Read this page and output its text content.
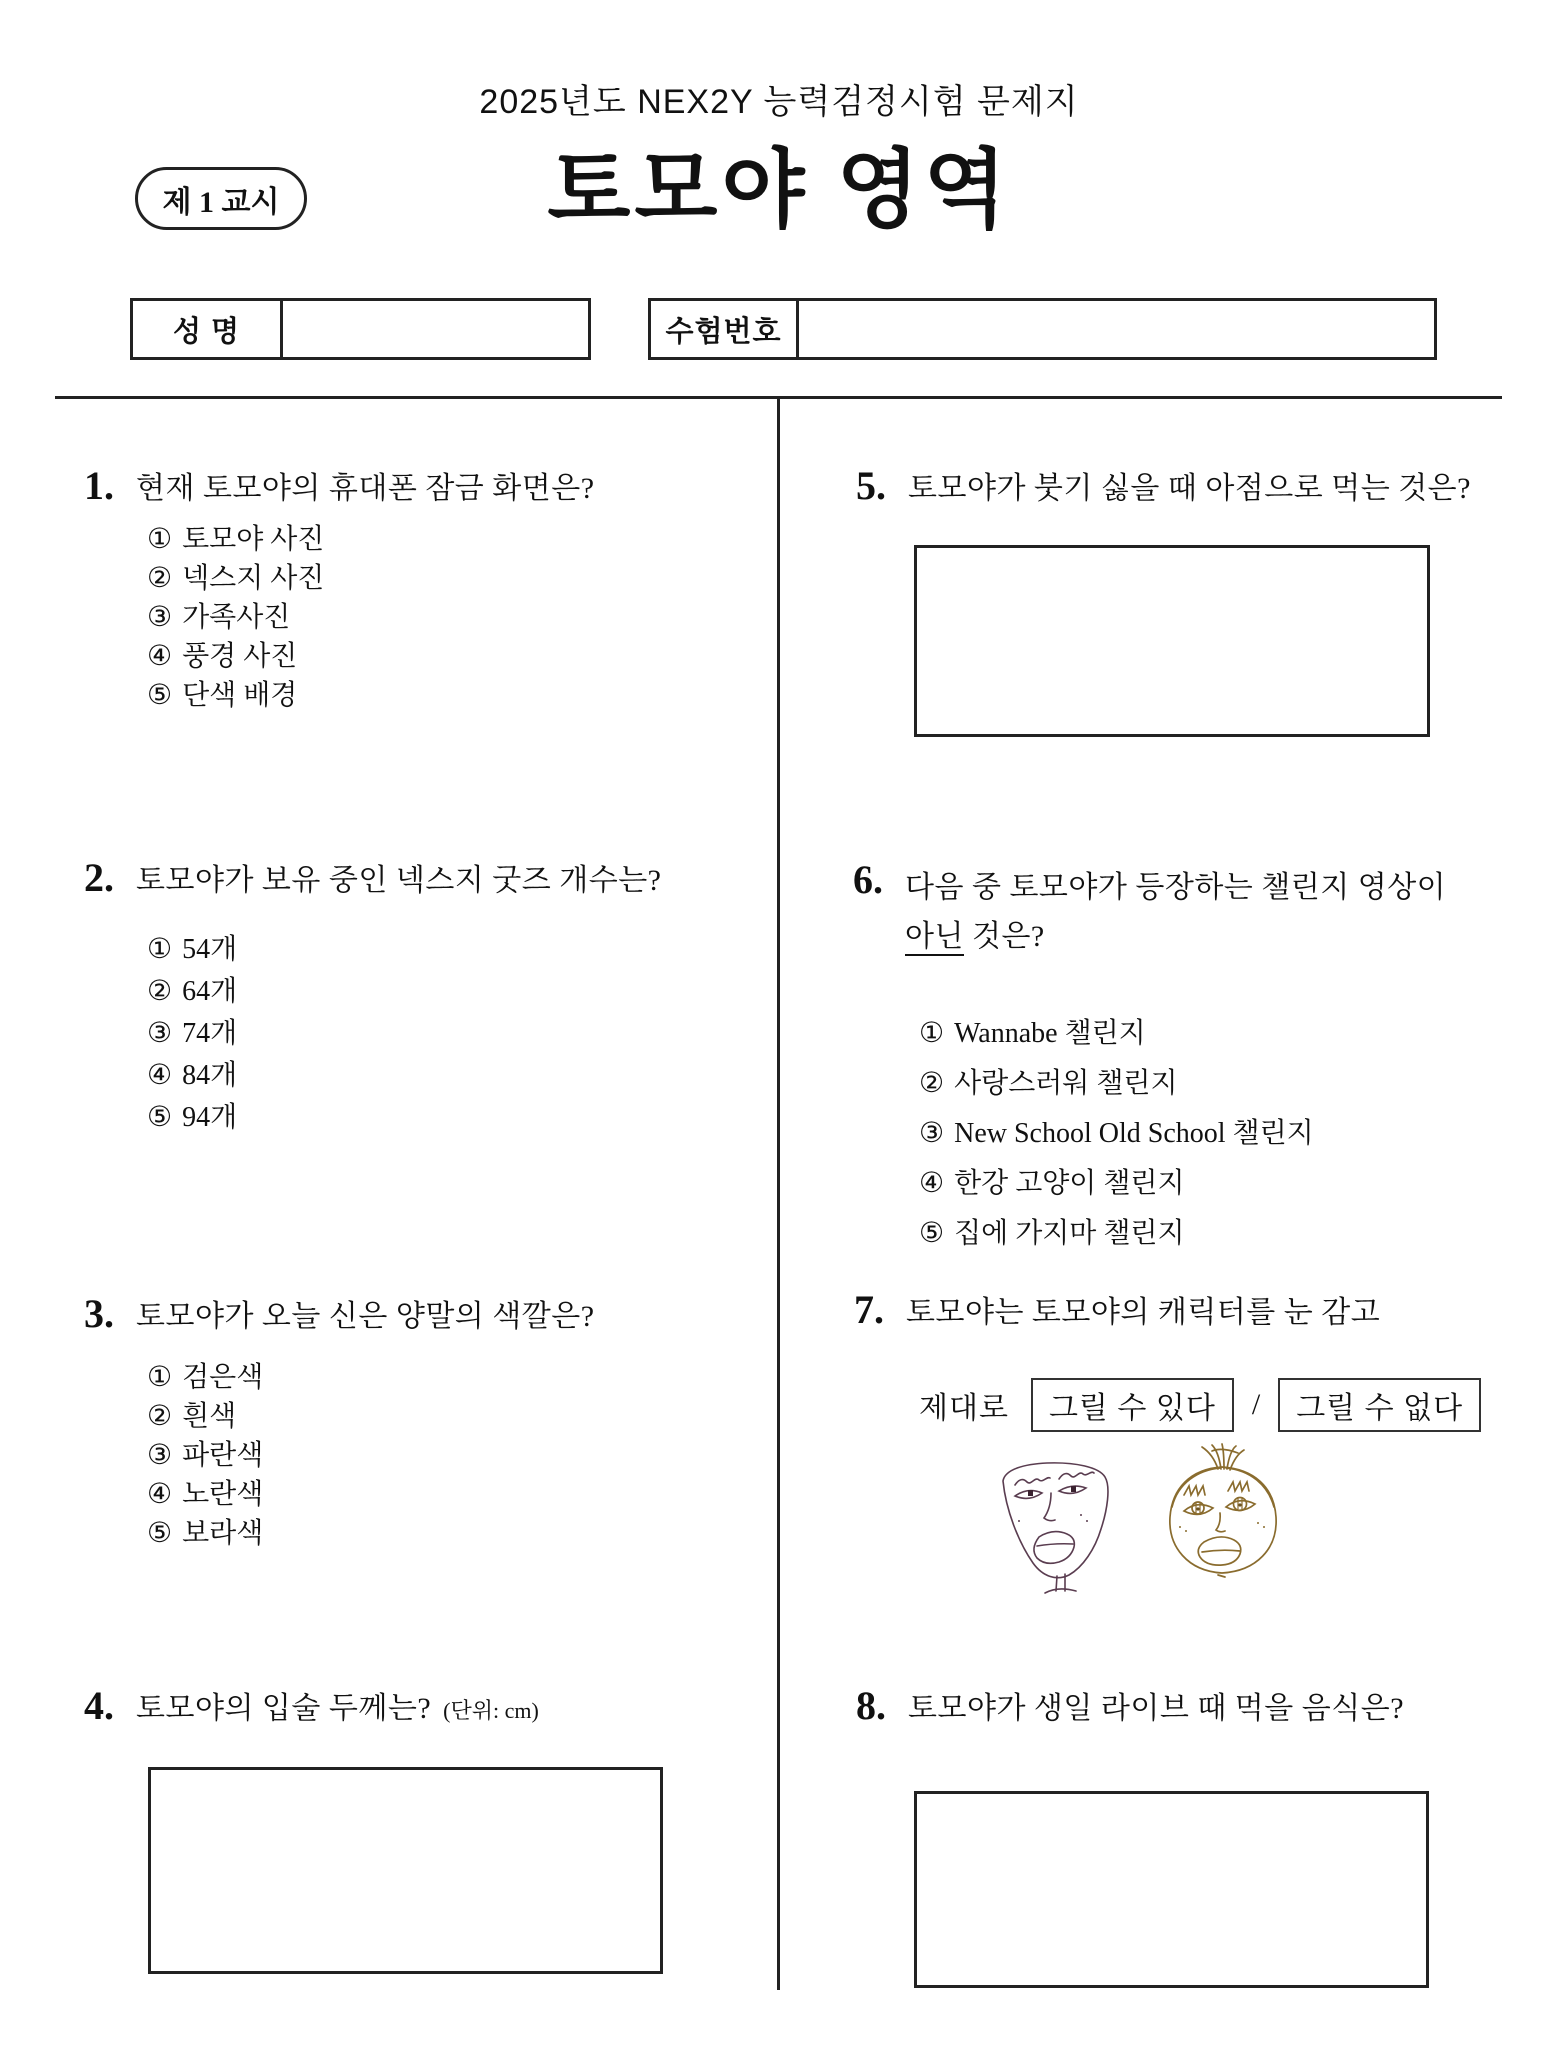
2025년도 NEX2Y 능력검정시험 문제지
토모야 영역
제 1 교시
성 명	수험번호
1. 현재 토모야의 휴대폰 잠금 화면은?
① 토모야 사진
② 넥스지 사진
③ 가족사진
④ 풍경 사진
⑤ 단색 배경
2. 토모야가 보유 중인 넥스지 굿즈 개수는?
① 54개
② 64개
③ 74개
④ 84개
⑤ 94개
3. 토모야가 오늘 신은 양말의 색깔은?
① 검은색
② 흰색
③ 파란색
④ 노란색
⑤ 보라색
4. 토모야의 입술 두께는? (단위: cm)
5. 토모야가 붓기 싫을 때 아점으로 먹는 것은?
6. 다음 중 토모야가 등장하는 챌린지 영상이
아닌 것은?
① Wannabe 챌린지
② 사랑스러워 챌린지
③ New School Old School 챌린지
④ 한강 고양이 챌린지
⑤ 집에 가지마 챌린지
7. 토모야는 토모야의 캐릭터를 눈 감고
제대로	그릴 수 있다	/	그릴 수 없다
8. 토모야가 생일 라이브 때 먹을 음식은?
